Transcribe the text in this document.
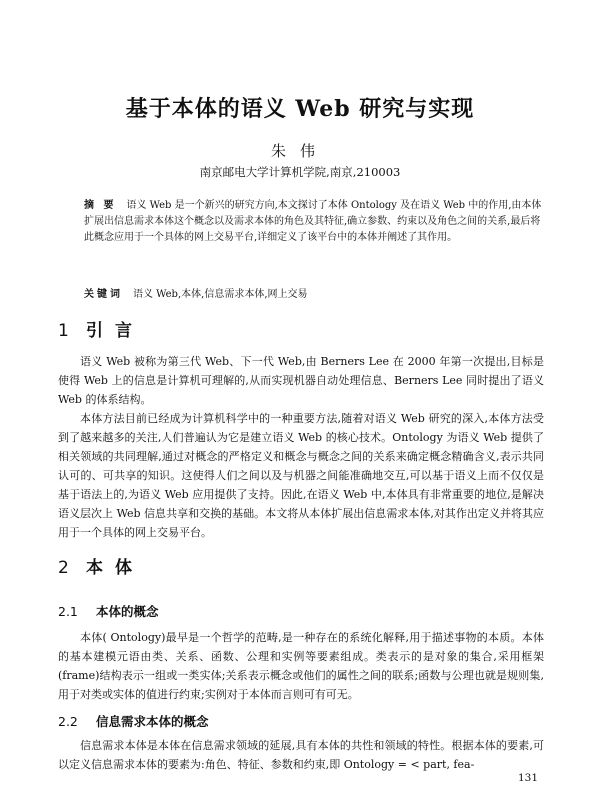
基于本体的语义 Web 研究与实现
朱伟
南京邮电大学计算机学院,南京,210003
摘 要 语义 Web 是一个新兴的研究方向,本文探讨了本体 Ontology 及在语义 Web 中的作用,由本体扩展出信息需求本体这个概念以及需求本体的角色及其特征,确立参数、约束以及角色之间的关系,最后将此概念应用于一个具体的网上交易平台,详细定义了该平台中的本体并阐述了其作用。
关键词 语义 Web,本体,信息需求本体,网上交易
1 引言

语义 Web 被称为第三代 Web、下一代 Web,由 Berners Lee 在 2000 年第一次提出,目标是使得 Web 上的信息是计算机可理解的,从而实现机器自动处理信息、Berners Lee 同时提出了语义 Web 的体系结构。

本体方法目前已经成为计算机科学中的一种重要方法,随着对语义 Web 研究的深入,本体方法受到了越来越多的关注,人们普遍认为它是建立语义 Web 的核心技术。Ontology 为语义 Web 提供了相关领域的共同理解,通过对概念的严格定义和概念与概念之间的关系来确定概念精确含义,表示共同认可的、可共享的知识。这使得人们之间以及与机器之间能准确地交互,可以基于语义上而不仅仅是基于语法上的,为语义 Web 应用提供了支持。因此,在语义 Web 中,本体具有非常重要的地位,是解决语义层次上 Web 信息共享和交换的基础。本文将从本体扩展出信息需求本体,对其作出定义并将其应用于一个具体的网上交易平台。

2 本体
2.1 本体的概念

本体( Ontology)最早是一个哲学的范畴,是一种存在的系统化解释,用于描述事物的本质。本体的基本建模元语由类、关系、函数、公理和实例等要素组成。类表示的是对象的集合,采用框架(frame)结构表示一组或一类实体;关系表示概念或他们的属性之间的联系;函数与公理也就是规则集,用于对类或实体的值进行约束;实例对于本体而言则可有可无。

2.2 信息需求本体的概念

信息需求本体是本体在信息需求领域的延展,具有本体的共性和领域的特性。根据本体的要素,可以定义信息需求本体的要素为:角色、特征、参数和约束,即 Ontology = < part, fea-

131
